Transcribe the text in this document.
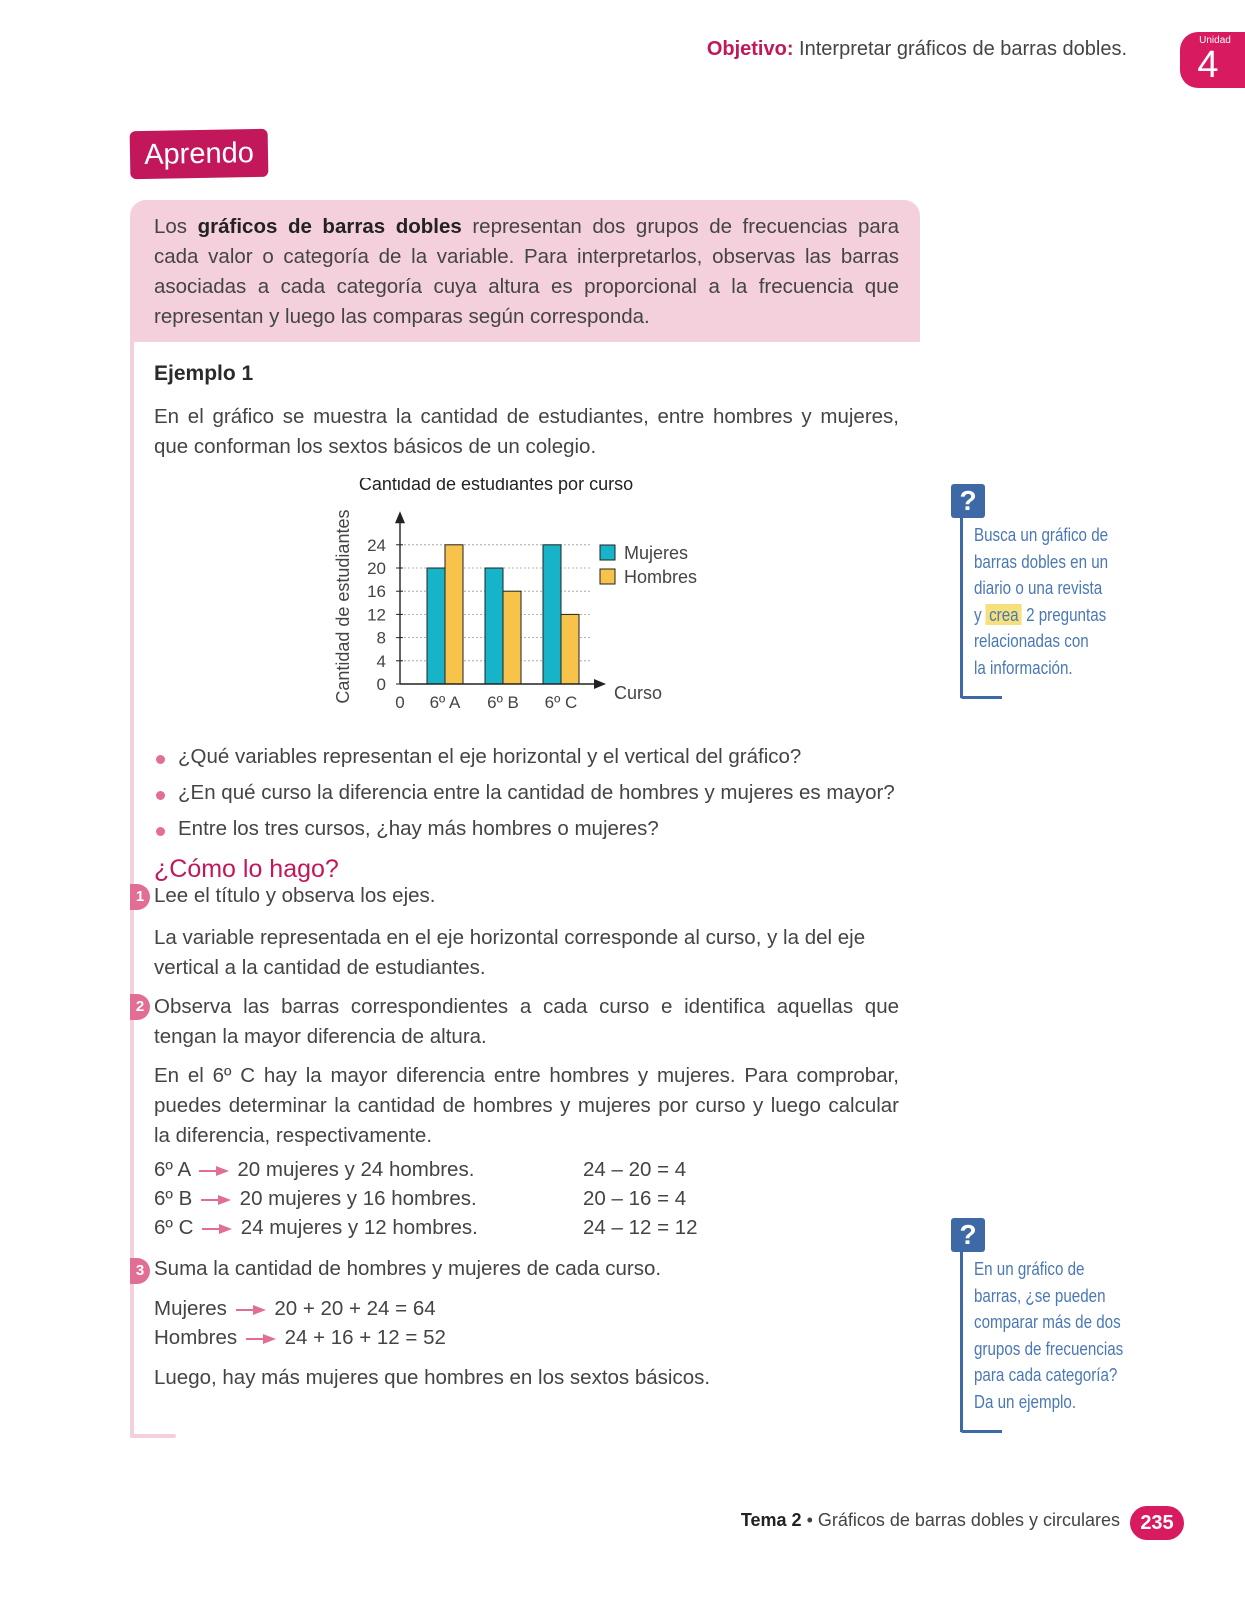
Objetivo: Interpretar gráficos de barras dobles.	Unidad
4
Aprendo
Los gráficos de barras dobles representan dos grupos de frecuencias para cada valor o categoría de la variable. Para interpretarlos, observas las barras asociadas a cada categoría cuya altura es proporcional a la frecuencia que representan y luego las comparas según corresponda.
Ejemplo 1
En el gráfico se muestra la cantidad de estudiantes, entre hombres y mujeres, que conforman los sextos básicos de un colegio.
Cantidad de estudiantes por curso
6º A 6º B 6º C
0
4
8
12
16
20
24
0
Cantidad de estudiantes	Curso
Mujeres
Hombres
¿Qué variables representan el eje horizontal y el vertical del gráfico?
¿En qué curso la diferencia entre la cantidad de hombres y mujeres es mayor?
Entre los tres cursos, ¿hay más hombres o mujeres?
¿Cómo lo hago?
1 Lee el título y observa los ejes.
La variable representada en el eje horizontal corresponde al curso, y la del eje vertical a la cantidad de estudiantes.
2 Observa las barras correspondientes a cada curso e identifica aquellas que tengan la mayor diferencia de altura.
En el 6º C hay la mayor diferencia entre hombres y mujeres. Para comprobar, puedes determinar la cantidad de hombres y mujeres por curso y luego calcular la diferencia, respectivamente.
6º A 20 mujeres y 24 hombres.	24 – 20 = 4
6º B 20 mujeres y 16 hombres.	20 – 16 = 4
6º C 24 mujeres y 12 hombres.	24 – 12 = 12
3 Suma la cantidad de hombres y mujeres de cada curso.
Mujeres 20 + 20 + 24 = 64
Hombres 24 + 16 + 12 = 52
Luego, hay más mujeres que hombres en los sextos básicos.
?
Busca un gráfico de
barras dobles en un
diario o una revista
y crea 2 preguntas
relacionadas con
la información.
?
En un gráfico de
barras, ¿se pueden
comparar más de dos
grupos de frecuencias
para cada categoría?
Da un ejemplo.
Tema 2 • Gráficos de barras dobles y circulares	235
